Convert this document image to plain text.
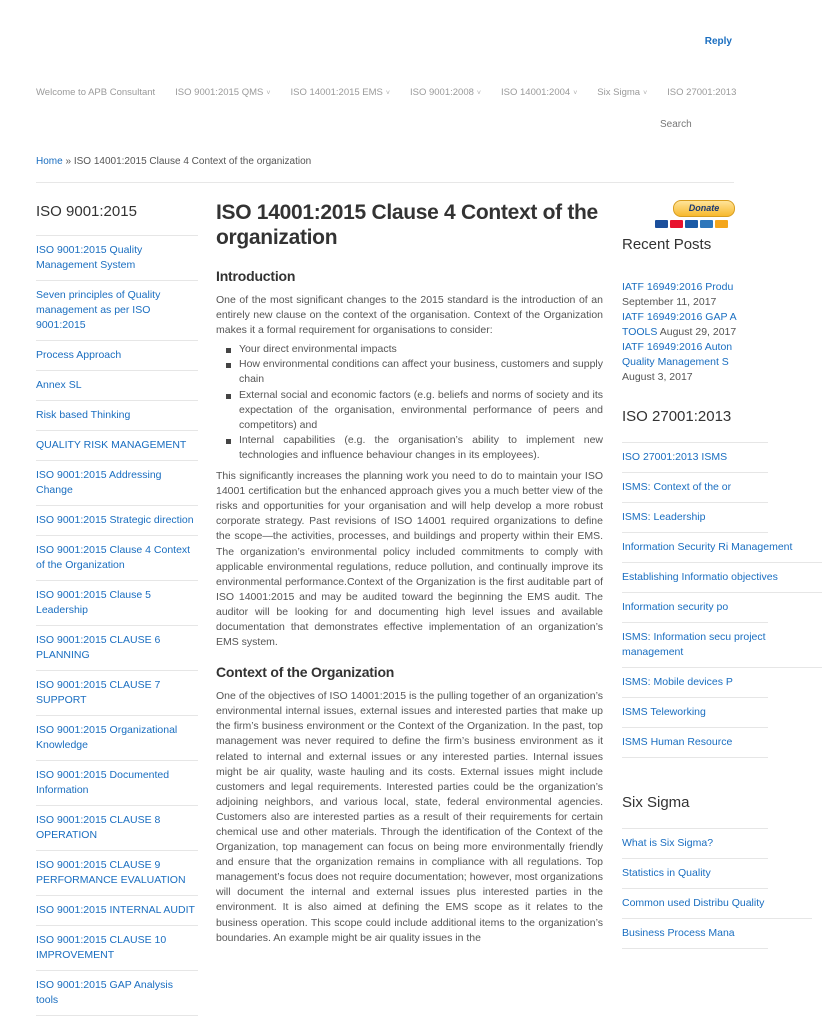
Reply
Welcome to APB Consultant ISO 9001:2015 QMS ˅ ISO 14001:2015 EMS ˅ ISO 9001:2008 ˅ ISO 14001:2004 ˅ Six Sigma ˅ ISO 27001:2013
Search
Home » ISO 14001:2015 Clause 4 Context of the organization
ISO 9001:2015
ISO 9001:2015 Quality Management System
Seven principles of Quality management as per ISO 9001:2015
Process Approach
Annex SL
Risk based Thinking
QUALITY RISK MANAGEMENT
ISO 9001:2015 Addressing Change
ISO 9001:2015 Strategic direction
ISO 9001:2015 Clause 4 Context of the Organization
ISO 9001:2015 Clause 5 Leadership
ISO 9001:2015 CLAUSE 6 PLANNING
ISO 9001:2015 CLAUSE 7 SUPPORT
ISO 9001:2015 Organizational Knowledge
ISO 9001:2015 Documented Information
ISO 9001:2015 CLAUSE 8 OPERATION
ISO 9001:2015 CLAUSE 9 PERFORMANCE EVALUATION
ISO 9001:2015 INTERNAL AUDIT
ISO 9001:2015 CLAUSE 10 IMPROVEMENT
ISO 9001:2015 GAP Analysis tools
ISO 14001:2015 Clause 4 Context of the organization
Introduction

One of the most significant changes to the 2015 standard is the introduction of an entirely new clause on the context of the organisation. Context of the Organization makes it a formal requirement for organisations to consider:

Your direct environmental impacts
How environmental conditions can affect your business, customers and supply chain
External social and economic factors (e.g. beliefs and norms of society and its expectation of the organisation, environmental performance of peers and competitors) and
Internal capabilities (e.g. the organisation’s ability to implement new technologies and influence behaviour changes in its employees).

This significantly increases the planning work you need to do to maintain your ISO 14001 certification but the enhanced approach gives you a much better view of the risks and opportunities for your organisation and will help develop a more robust corporate strategy. Past revisions of ISO 14001 required organizations to define the scope—the activities, processes, and buildings and property within their EMS. The organization’s environmental policy included commitments to comply with applicable environmental regulations, reduce pollution, and continually improve its environmental performance.Context of the Organization is the first auditable part of ISO 14001:2015 and may be audited toward the beginning the EMS audit. The auditor will be looking for and documenting high level issues and available documentation that demonstrates effective implementation of an organization’s EMS system.

Context of the Organization

One of the objectives of ISO 14001:2015 is the pulling together of an organization’s environmental internal issues, external issues and interested parties that make up the firm’s business environment or the Context of the Organization. In the past, top management was never required to define the firm’s business environment as it related to internal and external issues or any interested parties. Internal issues might be air quality, waste hauling and its costs. External issues might include customers and legal requirements. Interested parties could be the organization’s adjoining neighbors, and various local, state, federal environmental agencies. Customers also are interested parties as a result of their requirements for certain chemical use and other materials. Through the identification of the Context of the Organization, top management can focus on being more environmentally friendly and ensure that the organization remains in compliance with all regulations. Top management’s focus does not require documentation; however, most organizations will document the internal and external issues plus interested parties in the environment. It is also aimed at defining the EMS scope as it relates to the business operation. This scope could include additional items to the organization’s boundaries. An example might be air quality issues in the

Donate
Recent Posts
IATF 16949:2016 Produ
September 11, 2017
IATF 16949:2016 GAP A
TOOLS August 29, 2017
IATF 16949:2016 Auton
Quality Management S
August 3, 2017
ISO 27001:2013
ISO 27001:2013 ISMS
ISMS: Context of the or
ISMS: Leadership
Information Security Ri Management
Establishing Informatio objectives
Information security po
ISMS: Information secu project management
ISMS: Mobile devices P
ISMS Teleworking
ISMS Human Resource
Six Sigma
What is Six Sigma?
Statistics in Quality
Common used Distribu Quality
Business Process Mana
